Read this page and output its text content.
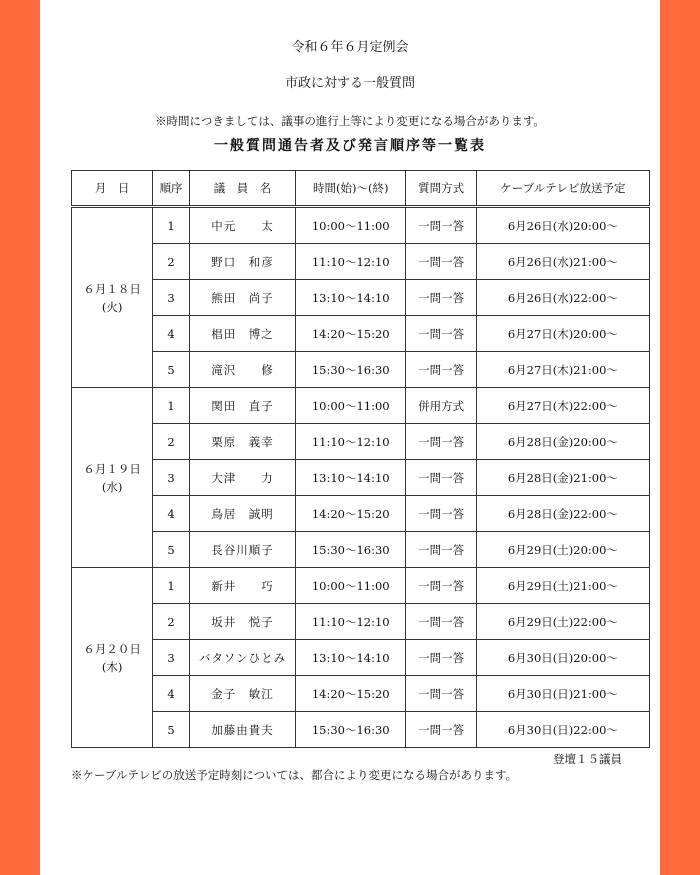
令和６年６月定例会
市政に対する一般質問
※時間につきましては、議事の進行上等により変更になる場合があります。
一般質問通告者及び発言順序等一覧表
月　日	順序	議　員　名	時間(始)～(終)	質問方式	ケーブルテレビ放送予定

６月１８日
(火)	1	中元　　太	10:00～11:00	一問一答	6月26日(水)20:00～
	2	野口　和彦	11:10～12:10	一問一答	6月26日(水)21:00～
	3	熊田　尚子	13:10～14:10	一問一答	6月26日(水)22:00～
	4	椙田　博之	14:20～15:20	一問一答	6月27日(木)20:00～
	5	滝沢　　修	15:30～16:30	一問一答	6月27日(木)21:00～

６月１９日
(水)	1	関田　直子	10:00～11:00	併用方式	6月27日(木)22:00～
	2	栗原　義幸	11:10～12:10	一問一答	6月28日(金)20:00～
	3	大津　　力	13:10～14:10	一問一答	6月28日(金)21:00～
	4	鳥居　誠明	14:20～15:20	一問一答	6月28日(金)22:00～
	5	長谷川順子	15:30～16:30	一問一答	6月29日(土)20:00～

６月２０日
(木)	1	新井　　巧	10:00～11:00	一問一答	6月29日(土)21:00～
	2	坂井　悦子	11:10～12:10	一問一答	6月29日(土)22:00～
	3	バタソンひとみ	13:10～14:10	一問一答	6月30日(日)20:00～
	4	金子　敏江	14:20～15:20	一問一答	6月30日(日)21:00～
	5	加藤由貴夫	15:30～16:30	一問一答	6月30日(日)22:00～
登壇１５議員
※ケーブルテレビの放送予定時刻については、都合により変更になる場合があります。
